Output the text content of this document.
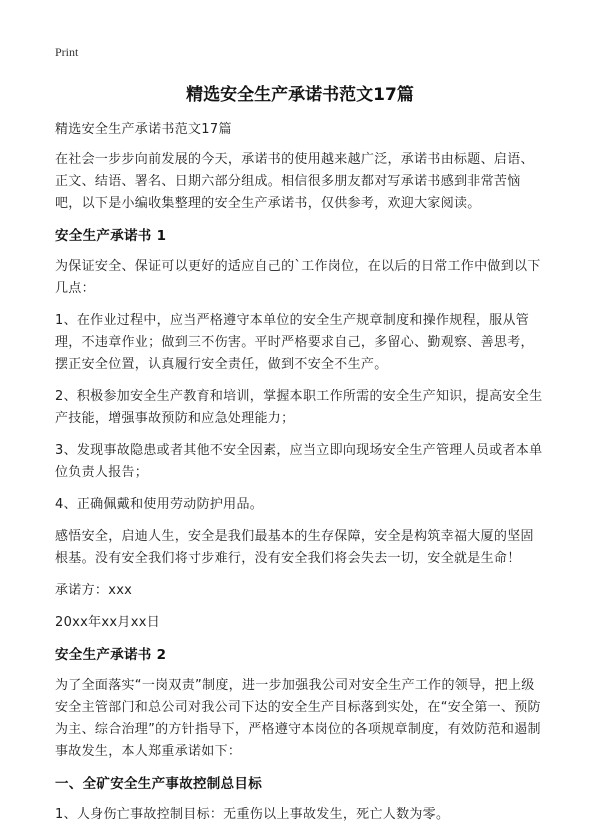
Print
精选安全生产承诺书范文17篇

精选安全生产承诺书范文17篇

在社会一步步向前发展的今天，承诺书的使用越来越广泛，承诺书由标题、启语、正文、结语、署名、日期六部分组成。相信很多朋友都对写承诺书感到非常苦恼吧，以下是小编收集整理的安全生产承诺书，仅供参考，欢迎大家阅读。

安全生产承诺书 1

为保证安全、保证可以更好的适应自己的`工作岗位，在以后的日常工作中做到以下几点：

1、在作业过程中，应当严格遵守本单位的安全生产规章制度和操作规程，服从管理，不违章作业；做到三不伤害。平时严格要求自己，多留心、勤观察、善思考，摆正安全位置，认真履行安全责任，做到不安全不生产。

2、积极参加安全生产教育和培训，掌握本职工作所需的安全生产知识，提高安全生产技能，增强事故预防和应急处理能力；

3、发现事故隐患或者其他不安全因素，应当立即向现场安全生产管理人员或者本单位负责人报告；

4、正确佩戴和使用劳动防护用品。

感悟安全，启迪人生，安全是我们最基本的生存保障，安全是构筑幸福大厦的坚固根基。没有安全我们将寸步难行，没有安全我们将会失去一切，安全就是生命！

承诺方：xxx

20xx年xx月xx日

安全生产承诺书 2

为了全面落实“一岗双责”制度，进一步加强我公司对安全生产工作的领导，把上级安全主管部门和总公司对我公司下达的安全生产目标落到实处，在“安全第一、预防为主、综合治理”的方针指导下，严格遵守本岗位的各项规章制度，有效防范和遏制事故发生，本人郑重承诺如下：

一、全矿安全生产事故控制总目标

1、人身伤亡事故控制目标：无重伤以上事故发生，死亡人数为零。
